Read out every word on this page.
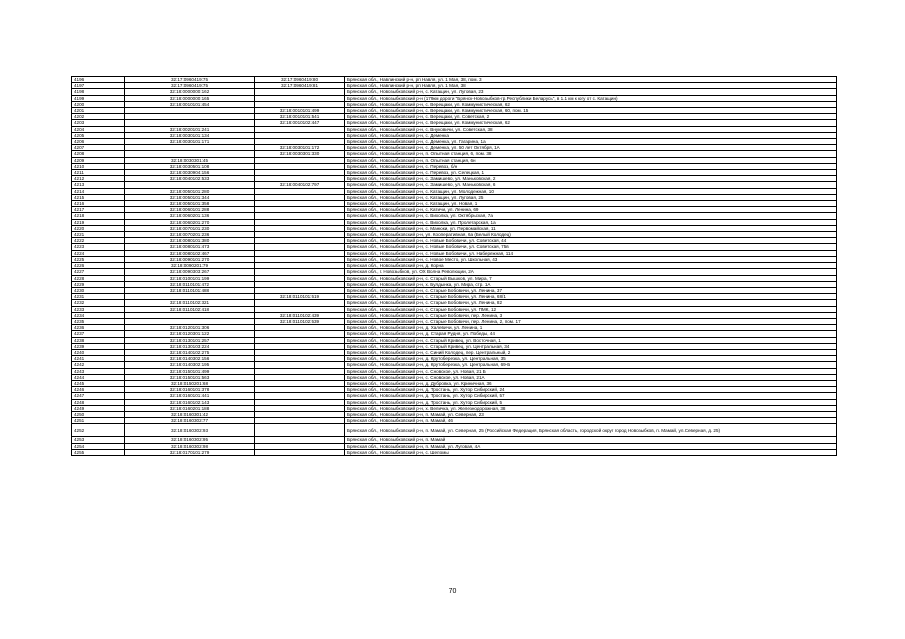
4196	32:17:0960419:75	32:17:0960419:80	Брянская обл., Навлинский р-н, рп Навля, ул. 1 Мая, 38, пом. 3
4197	32:17:0960419:75	32:17:0960419:81	Брянская обл., Навлинский р-н, рп Навля, ул. 1 Мая, 38
4198	32:18:0000000:162		Брянская обл., Новозыбковский р-н, с. Катащин, ул. Луговая, 23
4199	32:18:0000000:165		Брянская обл., Новозыбковский р-н (179км дороги "Брянск-Новозыбков-гр.Республики Беларусь", в 1.1 км к югу от с. Катащин)
4200	32:18:0010101:454		Брянская обл., Новозыбковский р-н, с. Верещаки, ул. Коммунистическая, 62
4201		32:18:0010101:499	Брянская обл., Новозыбковский р-н, с. Верещаки, ул. Коммунистическая, 60, пом. 15
4202		32:18:0010101:541	Брянская обл., Новозыбковский р-н, с. Верещаки, ул. Советская, 2
4203		32:18:0010102:447	Брянская обл., Новозыбковский р-н, с. Верещаки, ул. Коммунистическая, 62
4204	32:18:0020101:241		Брянская обл., Новозыбковский р-н, с. Внуковичи, ул. Советская, 38
4205	32:18:0030101:134		Брянская обл., Новозыбковский р-н, с. Деменка
4206	32:18:0030101:171		Брянская обл., Новозыбковский р-н, с. Деменка, ул. Гагарина, 1а
4207		32:18:0030101:172	Брянская обл., Новозыбковский р-н, с. Деменка, ул. 50 лет Октября, 1А
4208		32:18:0030301:330	Брянская обл., Новозыбковский р-н, п. Опытная станция, 6, пом. 38
4209	32:18:0030301:45		Брянская обл., Новозыбковский р-н, п. Опытная станция, 6н
4210	32:18:0030501:108		Брянская обл., Новозыбковский р-н, с. Перевоз, б/н
4211	32:18:0030904:156		Брянская обл., Новозыбковский р-н, с. Перевоз, ул. Селецкая, 1
4212	32:18:0040102:533		Брянская обл., Новозыбковский р-н, с. Замишево, ул. Маньковская, 2
4213		32:18:0040102:797	Брянская обл., Новозыбковский р-н, с. Замишево, ул. Маньковская, 6
4214	32:18:0050101:280		Брянская обл., Новозыбковский р-н, с. Катащин, ул. Молодежная, 10
4215	32:18:0050101:344		Брянская обл., Новозыбковский р-н, с. Катащин, ул. Луговая, 25
4216	32:18:0050101:358		Брянская обл., Новозыбковский р-н, с. Катащин, ул. Новая, 1
4217	32:18:0060101:288		Брянская обл., Новозыбковский р-н, с. Катичи, ул. Ленина, 69
4218	32:18:0060201:136		Брянская обл., Новозыбковский р-н, с. Вихолка, ул. Октябрьская, 7а
4219	32:18:0060201:270		Брянская обл., Новозыбковский р-н, с. Вихолка, ул. Пролетарская, 1а
4220	32:18:0070101:230		Брянская обл., Новозыбковский р-н, с. Манюки, ул. Первомайская, 11
4221	32:18:0070201:236		Брянская обл., Новозыбковский р-н, ул. Кооперативная, 6а (Белый Колодец)
4222	32:18:0080101:380		Брянская обл., Новозыбковский р-н, с. Новые Бобовичи, ул. Советская, 44
4223	32:18:0080101:473		Брянская обл., Новозыбковский р-н, с. Новые Бобовичи, ул. Советская, 75в
4224	32:18:0080102:467		Брянская обл., Новозыбковский р-н, с. Новые Бобовичи, ул. Набережная, 114
4225	32:18:0090101:270		Брянская обл., Новозыбковский р-н, с. Новое Место, ул. Школьная, 43
4226	32:18:0090201:79		Брянская обл., Новозыбковский р-н, д. Корна
4227	32:18:0090303:267		Брянская обл., г. Новозыбков, ул. ОХ Волна Революции, 2А
4228	32:18:0100101:199		Брянская обл., Новозыбковский р-н, с. Старый Вышков, ул. Мира, 7
4229	32:18:0110101:472		Брянская обл., Новозыбковский р-н, х. Булдынка, ул. Мира, стр. 1А
4230	32:18:0110101:488		Брянская обл., Новозыбковский р-н, с. Старые Бобовичи, ул. Ленина, 37
4231		32:18:0110101:519	Брянская обл., Новозыбковский р-н, с. Старые Бобовичи, ул. Ленина, 68/1
4232	32:18:0110102:321		Брянская обл., Новозыбковский р-н, с. Старые Бобовичи, ул. Ленина, 82
4233	32:18:0110102:418		Брянская обл., Новозыбковский р-н, с. Старые Бобовичи, ул. ПМК, 12
4234		32:18:0110102:439	Брянская обл., Новозыбковский р-н, с. Старые Бобовичи, пер. Ленина, 3
4235		32:18:0110102:539	Брянская обл., Новозыбковский р-н, с. Старые Бобовичи, пер. Ленина, 2, пом. 17
4236	32:18:0120101:306		Брянская обл., Новозыбковский р-н, д. Халевичи, ул. Ленина, 1
4237	32:18:0120301:122		Брянская обл., Новозыбковский р-н, д. Старая Рудня, ул. Победы, 44
4238	32:18:0130101:257		Брянская обл., Новозыбковский р-н, с. Старый Кривец, ул. Восточная, 1
4239	32:18:0130103:224		Брянская обл., Новозыбковский р-н, с. Старый Кривец, ул. Центральная, 34
4240	32:18:0140102:275		Брянская обл., Новозыбковский р-н, с. Синий Колодец, пер. Центральный, 2
4241	32:18:0140302:156		Брянская обл., Новозыбковский р-н, д. Крутоберезка, ул. Центральная, 35
4242	32:18:0140302:195		Брянская обл., Новозыбковский р-н, д. Крутоберезка, ул. Центральная, 69-Б
4243	32:18:0150101:499		Брянская обл., Новозыбковский р-н, с. Сновское, ул. Новая, 21 Б
4244	32:18:0150101:563		Брянская обл., Новозыбковский р-н, с. Сновское, ул. Новая, 21А
4245	32:18:0150201:68		Брянская обл., Новозыбковский р-н, д. Дубровка, ул. Криничная, 36
4246	32:18:0160101:378		Брянская обл., Новозыбковский р-н, д. Тростань, ул. Хутор Сибирский, 24
4247	32:18:0160101:441		Брянская обл., Новозыбковский р-н, д. Тростань, ул. Хутор Сибирский, 57
4248	32:18:0160102:143		Брянская обл., Новозыбковский р-н, д. Тростань, ул. Хутор Сибирский, 5
4249	32:18:0160201:188		Брянская обл., Новозыбковский р-н, х. Величка, ул. Железнодорожная, 38
4250	32:18:0160301:42		Брянская обл., Новозыбковский р-н, п. Мамай, ул. Северная, 23
4251	32:18:0160302:77		Брянская обл., Новозыбковский р-н, п. Мамай, 46
4252	32:18:0160302:93		Брянская обл., Новозыбковский р-н, п. Мамай, ул. Северная, 25 (Российская Федерация, Брянская область, городской округ город Новозыбков, п. Мамай, ул.Северная, д. 25)
4253	32:18:0160302:95		Брянская обл., Новозыбковский р-н, п. Мамай
4254	32:18:0160302:98		Брянская обл., Новозыбковский р-н, п. Мамай, ул. Луговая, 4А
4255	32:18:0170101:279		Брянская обл., Новозыбковский р-н, с. Шеломы
70
